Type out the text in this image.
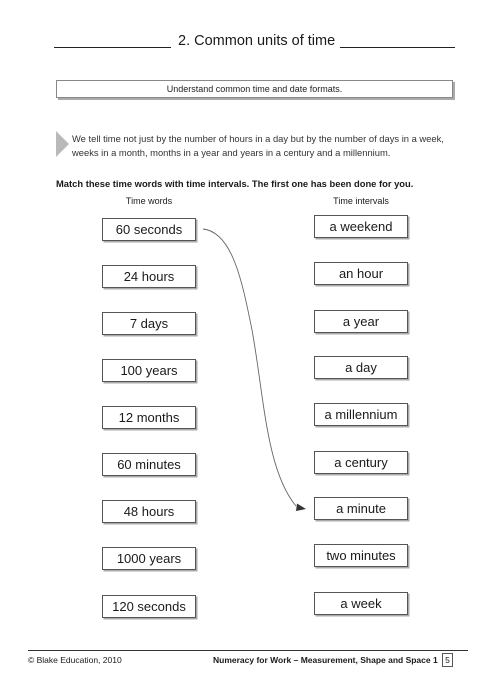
2. Common units of time
Understand common time and date formats.
We tell time not just by the number of hours in a day but by the number of days in a week, weeks in a month, months in a year and years in a century and a millennium.
Match these time words with time intervals. The first one has been done for you.
Time words	Time intervals
60 seconds
24 hours
7 days
100 years
12 months
60 minutes
48 hours
1000 years
120 seconds
a weekend
an hour
a year
a day
a millennium
a century
a minute
two minutes
a week
© Blake Education, 2010	Numeracy for Work – Measurement, Shape and Space 1 5
